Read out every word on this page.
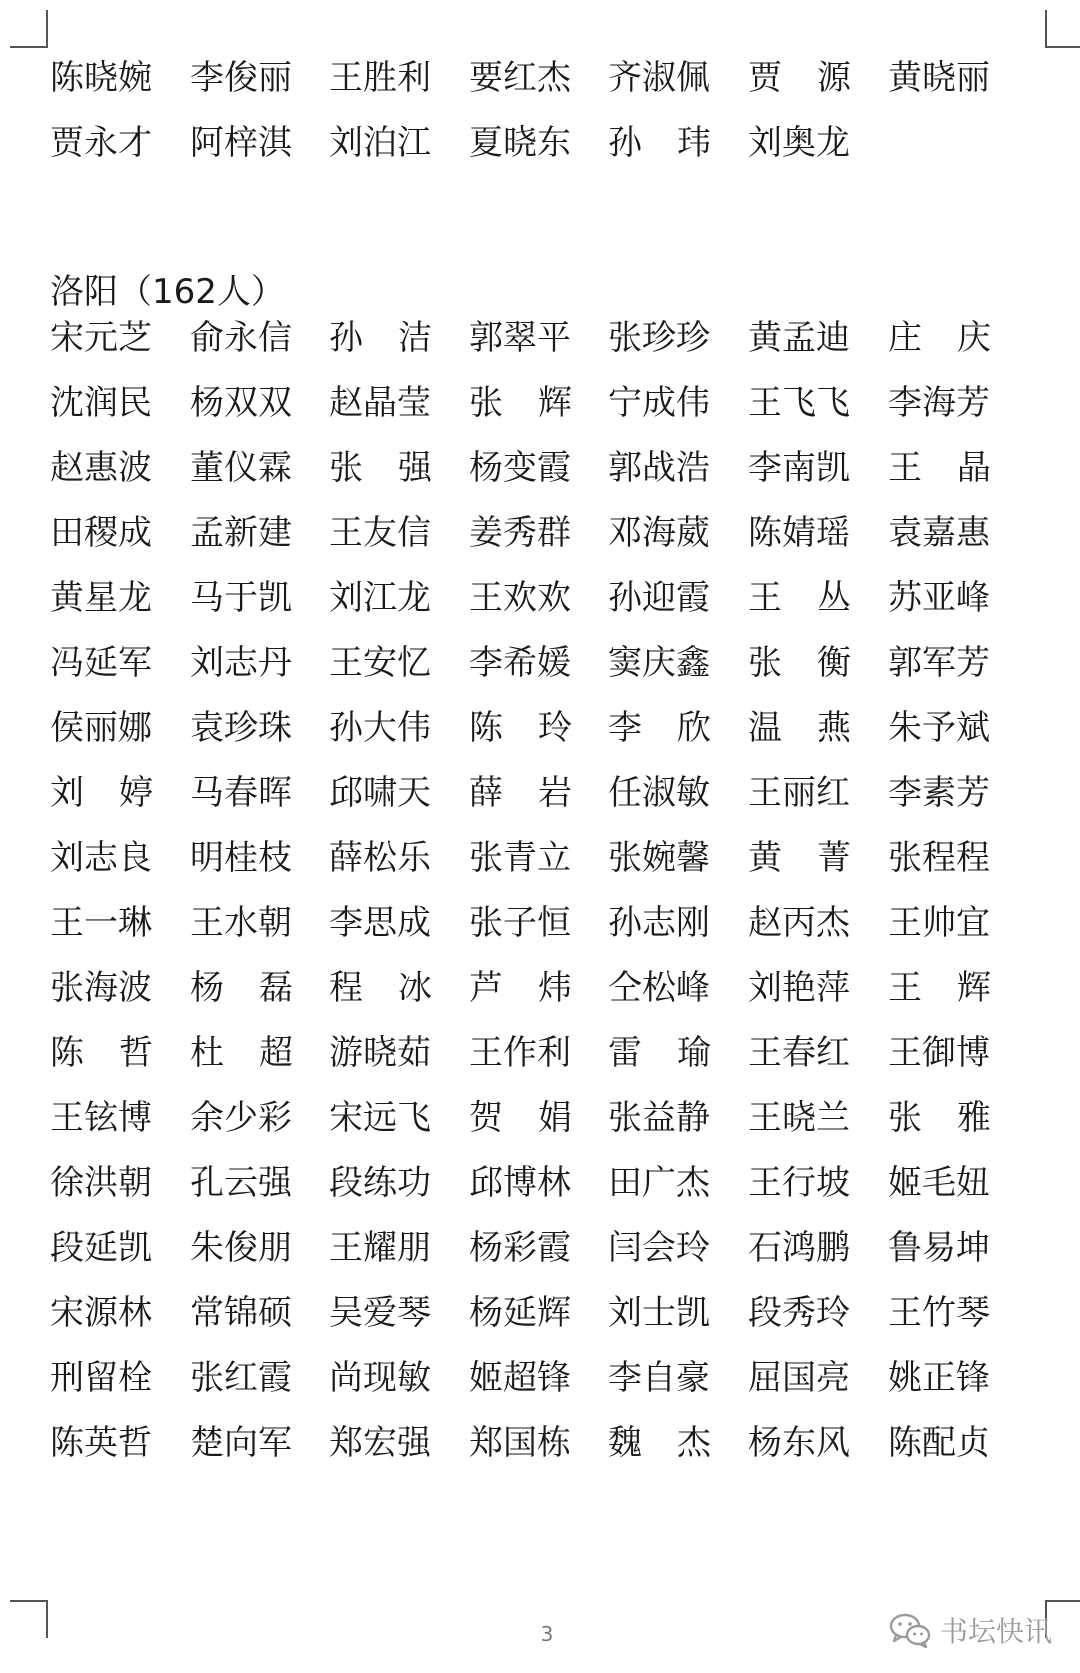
陈晓婉 李俊丽 王胜利 要红杰 齐淑佩 贾 源 黄晓丽
贾永才 阿梓淇 刘泊江 夏晓东 孙 玮 刘奥龙
洛阳（162人）
宋元芝 俞永信 孙 洁 郭翠平 张珍珍 黄孟迪 庄 庆
沈润民 杨双双 赵晶莹 张 辉 宁成伟 王飞飞 李海芳
赵惠波 董仪霖 张 强 杨变霞 郭战浩 李南凯 王 晶
田稷成 孟新建 王友信 姜秀群 邓海葳 陈婧瑶 袁嘉惠
黄星龙 马于凯 刘江龙 王欢欢 孙迎霞 王 丛 苏亚峰
冯延军 刘志丹 王安忆 李希媛 窦庆鑫 张 衡 郭军芳
侯丽娜 袁珍珠 孙大伟 陈 玲 李 欣 温 燕 朱予斌
刘 婷 马春晖 邱啸天 薛 岩 任淑敏 王丽红 李素芳
刘志良 明桂枝 薛松乐 张青立 张婉馨 黄 菁 张程程
王一琳 王水朝 李思成 张子恒 孙志刚 赵丙杰 王帅宜
张海波 杨 磊 程 冰 芦 炜 仝松峰 刘艳萍 王 辉
陈 哲 杜 超 游晓茹 王作利 雷 瑜 王春红 王御博
王铉博 余少彩 宋远飞 贺 娟 张益静 王晓兰 张 雅
徐洪朝 孔云强 段练功 邱博林 田广杰 王行坡 姬毛妞
段延凯 朱俊朋 王耀朋 杨彩霞 闫会玲 石鸿鹏 鲁易坤
宋源林 常锦硕 吴爱琴 杨延辉 刘士凯 段秀玲 王竹琴
刑留栓 张红霞 尚现敏 姬超锋 李自豪 屈国亮 姚正锋
陈英哲 楚向军 郑宏强 郑国栋 魏 杰 杨东风 陈配贞
3	书坛快讯
